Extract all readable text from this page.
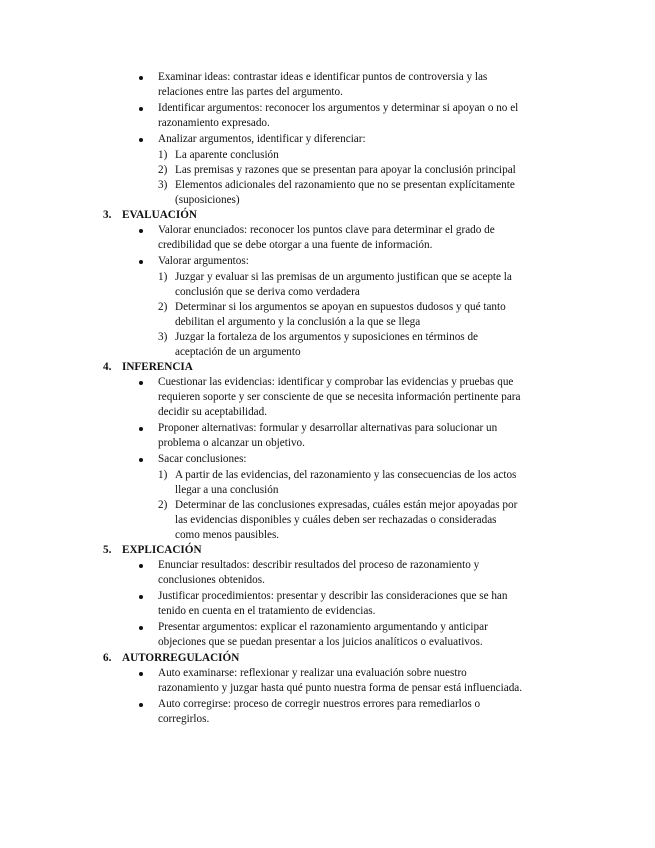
Examinar ideas: contrastar ideas e identificar puntos de controversia y las relaciones entre las partes del argumento.
Identificar argumentos: reconocer los argumentos y determinar si apoyan o no el razonamiento expresado.
Analizar argumentos, identificar y diferenciar:
1) La aparente conclusión
2) Las premisas y razones que se presentan para apoyar la conclusión principal
3) Elementos adicionales del razonamiento que no se presentan explícitamente (suposiciones)
3. EVALUACIÓN
Valorar enunciados: reconocer los puntos clave para determinar el grado de credibilidad que se debe otorgar a una fuente de información.
Valorar argumentos:
1) Juzgar y evaluar si las premisas de un argumento justifican que se acepte la conclusión que se deriva como verdadera
2) Determinar si los argumentos se apoyan en supuestos dudosos y qué tanto debilitan el argumento y la conclusión a la que se llega
3) Juzgar la fortaleza de los argumentos y suposiciones en términos de aceptación de un argumento
4. INFERENCIA
Cuestionar las evidencias: identificar y comprobar las evidencias y pruebas que requieren soporte y ser consciente de que se necesita información pertinente para decidir su aceptabilidad.
Proponer alternativas: formular y desarrollar alternativas para solucionar un problema o alcanzar un objetivo.
Sacar conclusiones:
1) A partir de las evidencias, del razonamiento y las consecuencias de los actos llegar a una conclusión
2) Determinar de las conclusiones expresadas, cuáles están mejor apoyadas por las evidencias disponibles y cuáles deben ser rechazadas o consideradas como menos pausibles.
5. EXPLICACIÓN
Enunciar resultados: describir resultados del proceso de razonamiento y conclusiones obtenidos.
Justificar procedimientos: presentar y describir las consideraciones que se han tenido en cuenta en el tratamiento de evidencias.
Presentar argumentos: explicar el razonamiento argumentando y anticipar objeciones que se puedan presentar a los juicios analíticos o evaluativos.
6. AUTORREGULACIÓN
Auto examinarse: reflexionar y realizar una evaluación sobre nuestro razonamiento y juzgar hasta qué punto nuestra forma de pensar está influenciada.
Auto corregirse: proceso de corregir nuestros errores para remediarlos o corregirlos.
